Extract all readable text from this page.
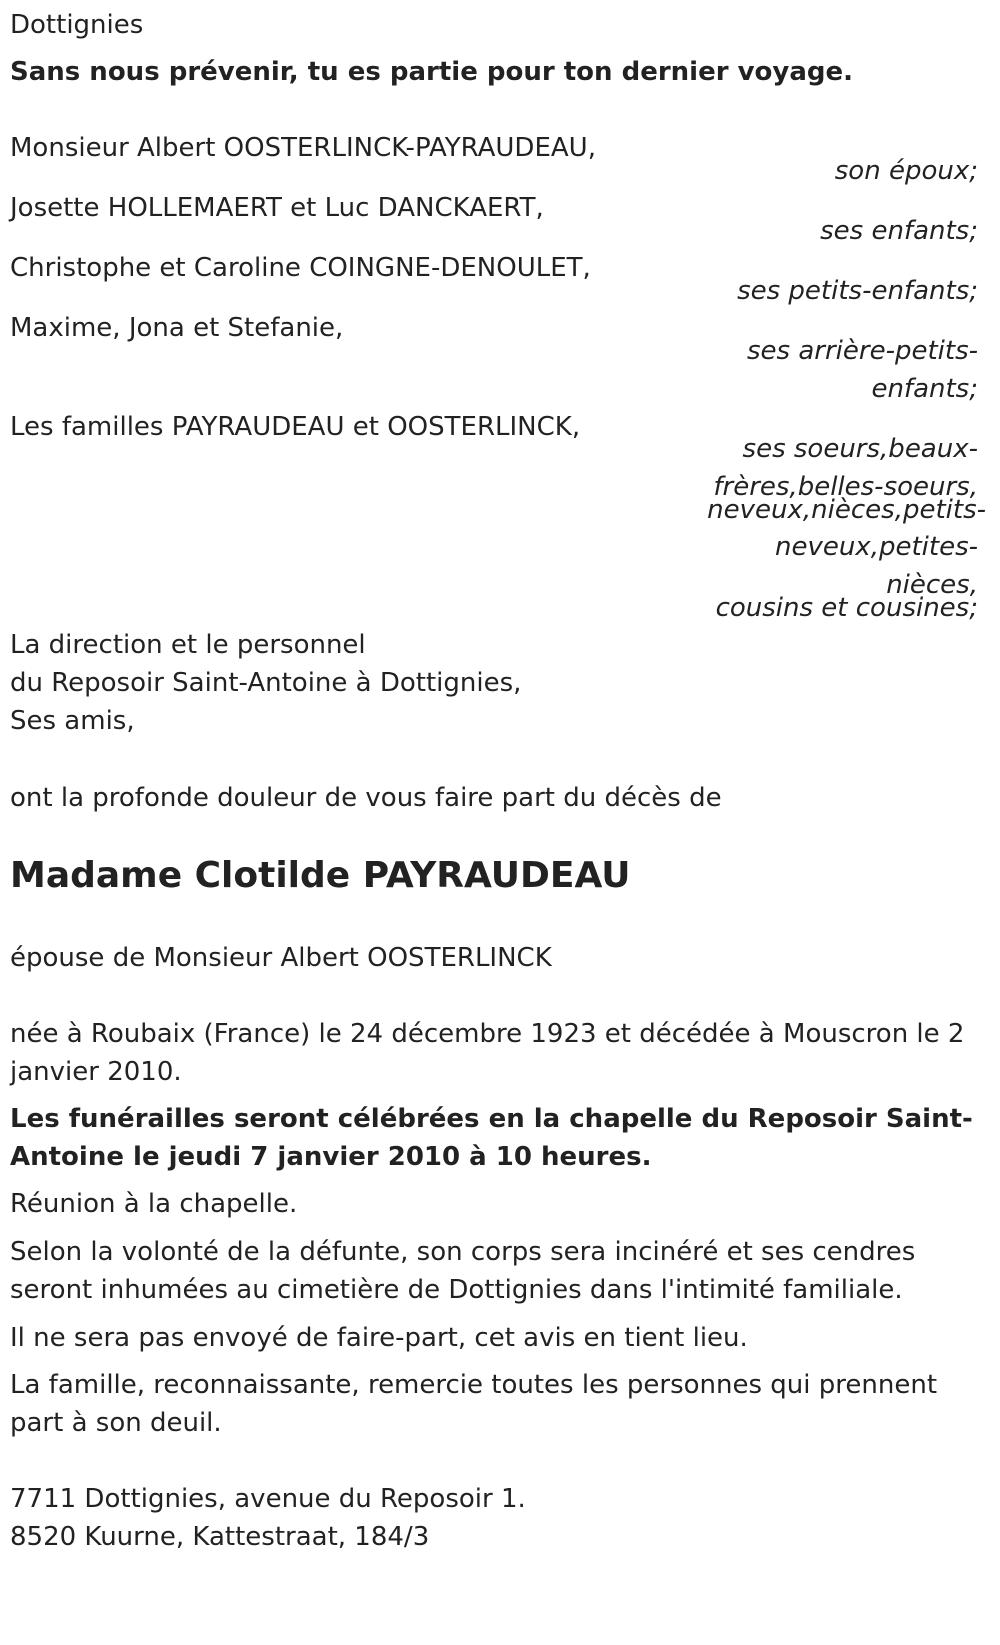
Dottignies
Sans nous prévenir, tu es partie pour ton dernier voyage.
Monsieur Albert OOSTERLINCK-PAYRAUDEAU,
son époux;
Josette HOLLEMAERT et Luc DANCKAERT,
ses enfants;
Christophe et Caroline COINGNE-DENOULET,
ses petits-enfants;
Maxime, Jona et Stefanie,
ses arrière-petits-
enfants;
Les familles PAYRAUDEAU et OOSTERLINCK,
ses soeurs,beaux-
frères,belles-soeurs,
neveux,nièces,petits-
neveux,petites-
nièces,
cousins et cousines;
La direction et le personnel
du Reposoir Saint-Antoine à Dottignies,
Ses amis,
ont la profonde douleur de vous faire part du décès de
Madame Clotilde PAYRAUDEAU
épouse de Monsieur Albert OOSTERLINCK
née à Roubaix (France) le 24 décembre 1923 et décédée à Mouscron le 2
janvier 2010.
Les funérailles seront célébrées en la chapelle du Reposoir Saint-
Antoine le jeudi 7 janvier 2010 à 10 heures.
Réunion à la chapelle.
Selon la volonté de la défunte, son corps sera incinéré et ses cendres
seront inhumées au cimetière de Dottignies dans l'intimité familiale.
Il ne sera pas envoyé de faire-part, cet avis en tient lieu.
La famille, reconnaissante, remercie toutes les personnes qui prennent
part à son deuil.
7711 Dottignies, avenue du Reposoir 1.
8520 Kuurne, Kattestraat, 184/3
